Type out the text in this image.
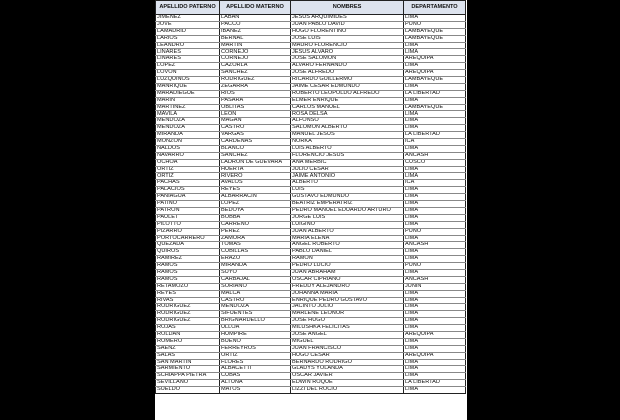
APELLIDO PATERNO	APELLIDO MATERNO	NOMBRES	DEPARTAMENTO
JIMENEZ	LABAN	JESUS ARQUIMIDES	LIMA
JOVE	PACCO	JUAN PABLO DAVID	PUNO
LAMADRID	IBAÑEZ	HUGO FLORENTINO	LAMBAYEQUE
LARIOS	BERNAL	JOSE LUIS	LAMBAYEQUE
LEANDRO	MARTIN	MAURO FLORENCIO	LIMA
LINARES	CORNEJO	JESUS ALVARO	LIMA
LINARES	CORNEJO	JOSE SALOMON	AREQUIPA
LOPEZ	CAZORLA	ALVARO FERNANDO	LIMA
LOVON	SANCHEZ	JOSE ALFREDO	AREQUIPA
LUZQUIÑOS	RODRIGUEZ	RICARDO GUILLERMO	LAMBAYEQUE
MANRIQUE	ZEGARRA	JAIME CESAR EDMUNDO	LIMA
MARADIEGUE	RIOS	ROBERTO LEOPOLDO ALFREDO	LA LIBERTAD
MARIN	PASARA	ELMER ENRIQUE	LIMA
MARTINEZ	OBLITAS	CARLOS MANUEL	LAMBAYEQUE
MAVILA	LEON	ROSA DELSA	LIMA
MENDOZA	MAGAN	ALFONSO	LIMA
MENDOZA	CASTRO	SALOMON ALBERTO	LIMA
MIRANDA	VARGAS	MANUEL JESUS	LA LIBERTAD
MONZON	CARDENAS	NORKA	ICA
NALDOS	BLANCO	LUIS ALBERTO	LIMA
NAVARRO	SANCHEZ	FLORENCIO JESUS	ANCASH
OCHOA	LADRON DE GUEVARA	ANA MERBIC	CUSCO
ORTIZ	HUERTA	JULIO CESAR	LIMA
ORTIZ	RIVERO	JAIME ANTONIO	LIMA
PACHAS	AVALOS	ALBERTO	ICA
PALACIOS	REYES	LUIS	LIMA
PANIAGUA	ALBARRACIN	GUSTAVO EDMUNDO	LIMA
PATIÑO	LOPEZ	BEATRIZ EMPERATRIZ	LIMA
PATRON	BEDOYA	PEDRO MANUEL EDUARDO ARTURO	LIMA
PAULET	BOBBA	JORGE LUIS	LIMA
PILOTTO	CARREÑO	LUIGINO	LIMA
PIZARRO	PEREZ	JUAN ALBERTO	PUNO
PORTOCARRERO	ZAMORA	MARIA ELENA	LIMA
QUEZADA	TOMAS	ANGEL ROBERTO	ANCASH
QUIROS	CUBILLAS	PABLO DANIEL	LIMA
RAMIREZ	ERAZO	RAMON	LIMA
RAMOS	MIRANDA	PEDRO LUCIO	PUNO
RAMOS	SUYO	JUAN ABRAHAM	LIMA
RAMOS	CARBAJAL	OSCAR CIPRIANO	ANCASH
RETAMOZO	SORIANO	FREDDY ALEJANDRO	JUNIN
REYES	MALCA	JOHANNA MARIA	LIMA
RIVAS	CASTRO	ENRIQUE PEDRO GUSTAVO	LIMA
RODRIGUEZ	MENDOZA	JACINTO JULIO	LIMA
RODRIGUEZ	SIFUENTES	MARLENE LEONOR	LIMA
RODRIGUEZ	BRIGNARDELLO	JOSE HUGO	LIMA
ROJAS	ULLOA	MILUSHKA FELICITAS	LIMA
ROLDAN	HUMPIRE	JOSE ANGEL	AREQUIPA
ROMERO	BUENO	MIGUEL	LIMA
SAENZ	FERREYROS	JUAN FRANCISCO	LIMA
SALAS	ORTIZ	HUGO CESAR	AREQUIPA
SAN MARTIN	FLORES	BERNARDO RODRIGO	LIMA
SARMIENTO	ALBACETTI	GLADYS YOLANDA	LIMA
SCHIAPPA PIETRA	CUBAS	OSCAR JAVIER	LIMA
SEVILLANO	ALTUNA	EDWIN ROQUE	LA LIBERTAD
SUELDO	MATOS	LIZZI DEL ROCIO	LIMA
